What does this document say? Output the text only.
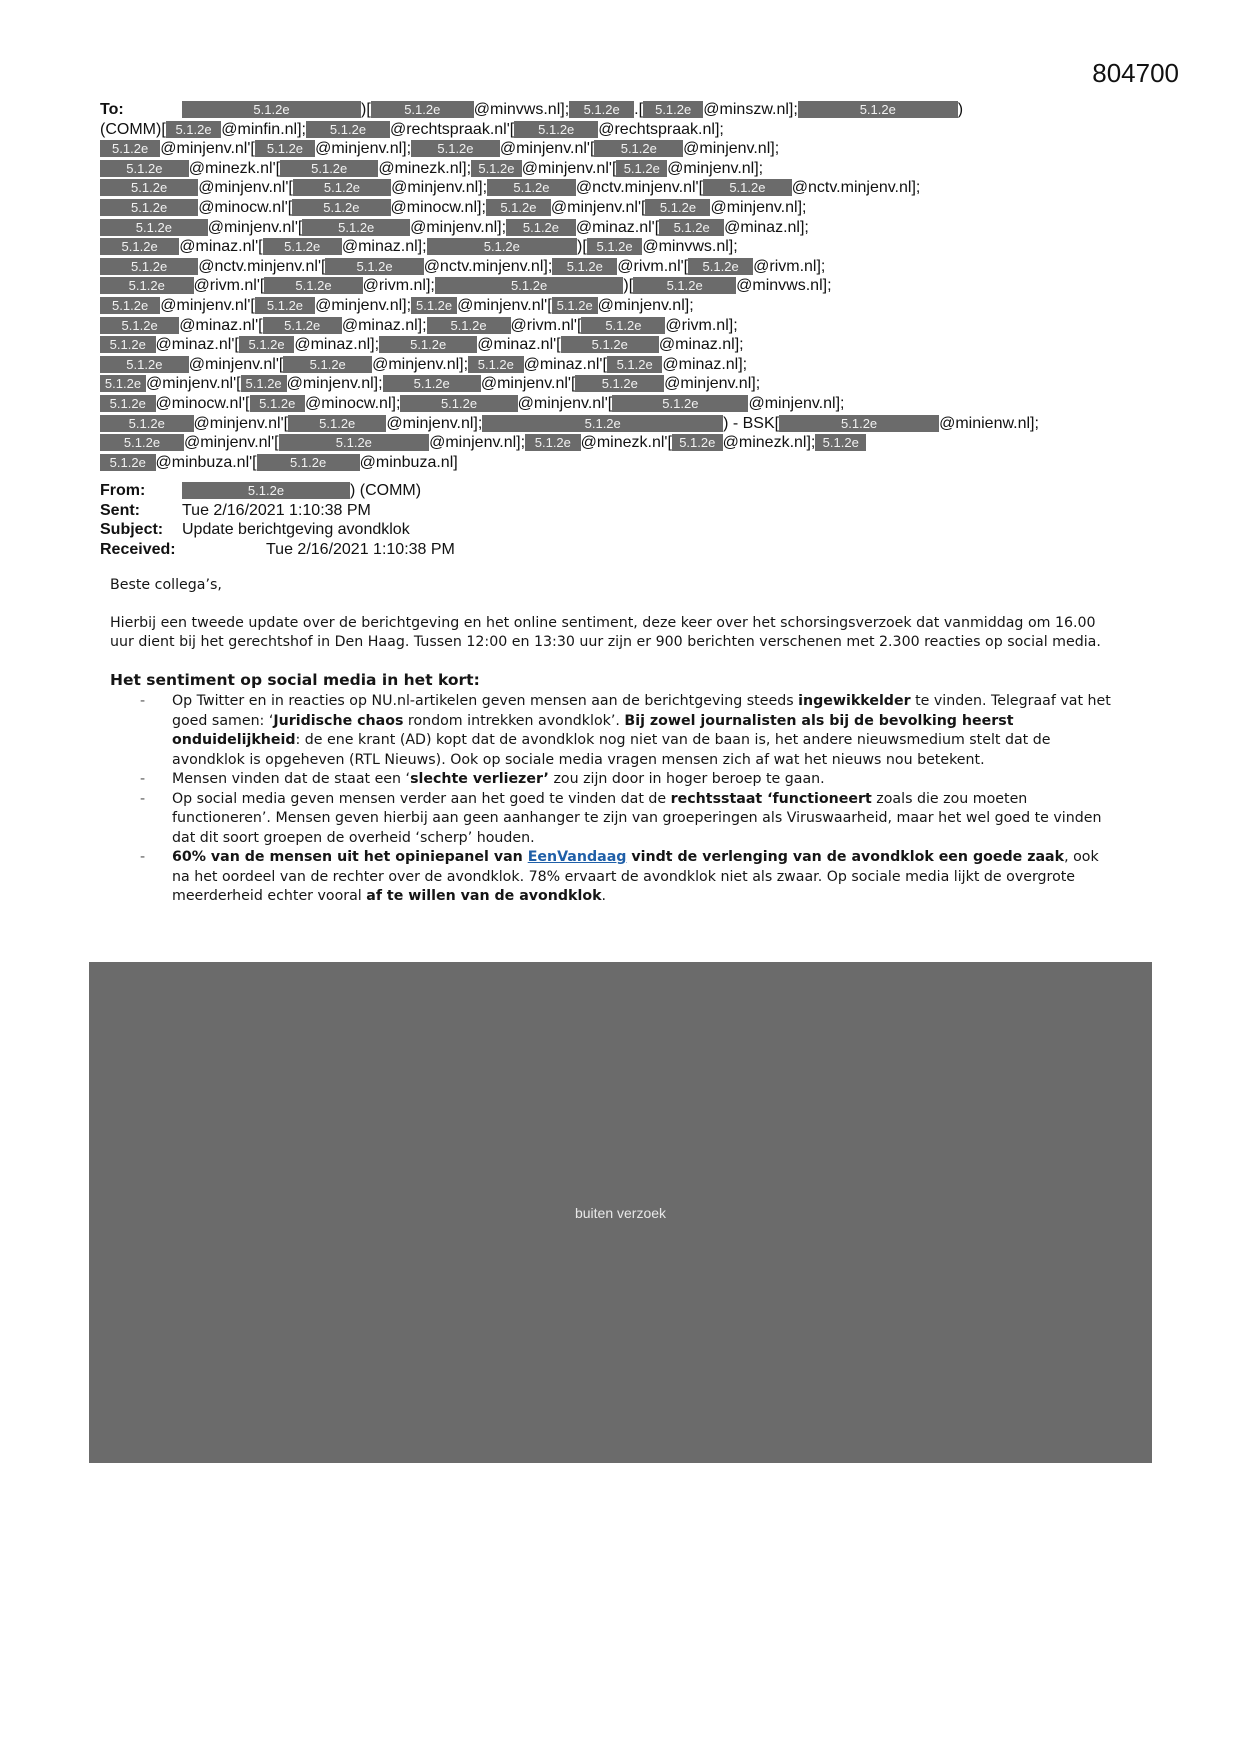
804700
To:	5.1.2e	)[	5.1.2e @minvws.nl]; 5.1.2e .[ 5.1.2e @minszw.nl];	5.1.2e	)
(COMM)[ 5.1.2e @minfin.nl]; 5.1.2e @rechtspraak.nl'[ 5.1.2e @rechtspraak.nl];
5.1.2e @minjenv.nl'[ 5.1.2e @minjenv.nl]; 5.1.2e @minjenv.nl'[ 5.1.2e @minjenv.nl];
5.1.2e @minezk.nl'[ 5.1.2e @minezk.nl]; 5.1.2e @minjenv.nl'[ 5.1.2e @minjenv.nl];
5.1.2e @minjenv.nl'[ 5.1.2e @minjenv.nl]; 5.1.2e @nctv.minjenv.nl'[ 5.1.2e @nctv.minjenv.nl];
5.1.2e @minocw.nl'[ 5.1.2e @minocw.nl]; 5.1.2e @minjenv.nl'[ 5.1.2e @minjenv.nl];
5.1.2e @minjenv.nl'[	5.1.2e @minjenv.nl]; 5.1.2e @minaz.nl'[ 5.1.2e @minaz.nl];
5.1.2e @minaz.nl'[ 5.1.2e @minaz.nl];	5.1.2e	)[ 5.1.2e @minvws.nl];
5.1.2e @nctv.minjenv.nl'[ 5.1.2e @nctv.minjenv.nl]; 5.1.2e @rivm.nl'[ 5.1.2e @rivm.nl];
5.1.2e @rivm.nl'[ 5.1.2e @rivm.nl];	5.1.2e	)[	5.1.2e @minvws.nl];
5.1.2e @minjenv.nl'[ 5.1.2e @minjenv.nl]; 5.1.2e @minjenv.nl'[ 5.1.2e @minjenv.nl];
5.1.2e @minaz.nl'[ 5.1.2e @minaz.nl]; 5.1.2e @rivm.nl'[ 5.1.2e @rivm.nl];
5.1.2e @minaz.nl'[ 5.1.2e @minaz.nl]; 5.1.2e @minaz.nl'[ 5.1.2e @minaz.nl];
5.1.2e @minjenv.nl'[ 5.1.2e @minjenv.nl]; 5.1.2e @minaz.nl'[ 5.1.2e @minaz.nl];
5.1.2e @minjenv.nl'[ 5.1.2e @minjenv.nl]; 5.1.2e @minjenv.nl'[ 5.1.2e @minjenv.nl];
5.1.2e @minocw.nl'[ 5.1.2e @minocw.nl];	5.1.2e	@minjenv.nl'[	5.1.2e	@minjenv.nl];
5.1.2e @minjenv.nl'[ 5.1.2e @minjenv.nl];	5.1.2e	) - BSK[	5.1.2e	@minienw.nl];
5.1.2e @minjenv.nl'[	5.1.2e	@minjenv.nl]; 5.1.2e @minezk.nl'[ 5.1.2e @minezk.nl]; 5.1.2e
5.1.2e @minbuza.nl'[	5.1.2e @minbuza.nl]
From:	5.1.2e	) (COMM)
Sent:	Tue 2/16/2021 1:10:38 PM
Subject: Update berichtgeving avondklok
Received:	Tue 2/16/2021 1:10:38 PM

Beste collega’s,

Hierbij een tweede update over de berichtgeving en het online sentiment, deze keer over het schorsingsverzoek dat vanmiddag om 16.00 uur dient bij het gerechtshof in Den Haag. Tussen 12:00 en 13:30 uur zijn er 900 berichten verschenen met 2.300 reacties op social media.

Het sentiment op social media in het kort:
- Op Twitter en in reacties op NU.nl-artikelen geven mensen aan de berichtgeving steeds ingewikkelder te vinden. Telegraaf vat het goed samen: ‘Juridische chaos rondom intrekken avondklok’. Bij zowel journalisten als bij de bevolking heerst onduidelijkheid: de ene krant (AD) kopt dat de avondklok nog niet van de baan is, het andere nieuwsmedium stelt dat de avondklok is opgeheven (RTL Nieuws). Ook op sociale media vragen mensen zich af wat het nieuws nou betekent.
- Mensen vinden dat de staat een ‘slechte verliezer’ zou zijn door in hoger beroep te gaan.
- Op social media geven mensen verder aan het goed te vinden dat de rechtsstaat ‘functioneert zoals die zou moeten functioneren’. Mensen geven hierbij aan geen aanhanger te zijn van groeperingen als Viruswaarheid, maar het wel goed te vinden dat dit soort groepen de overheid ‘scherp’ houden.
- 60% van de mensen uit het opiniepanel van EenVandaag vindt de verlenging van de avondklok een goede zaak, ook na het oordeel van de rechter over de avondklok. 78% ervaart de avondklok niet als zwaar. Op sociale media lijkt de overgrote meerderheid echter vooral af te willen van de avondklok.
buiten verzoek
